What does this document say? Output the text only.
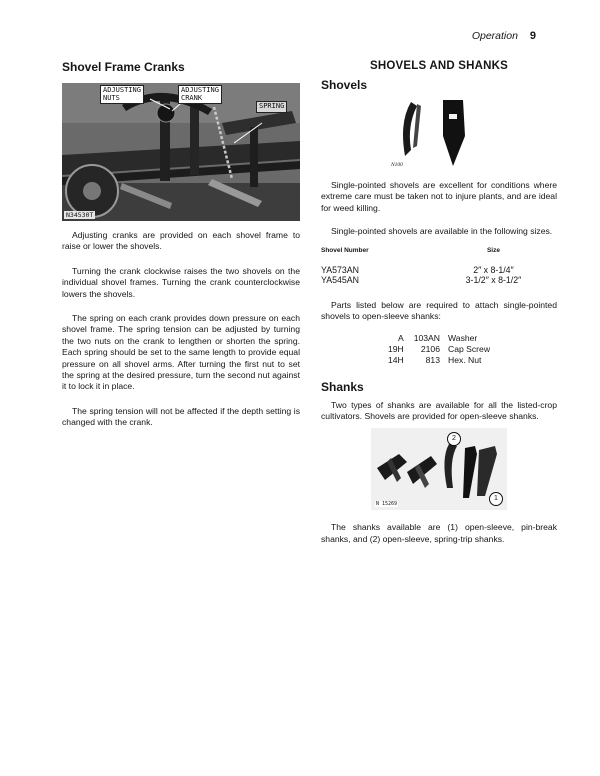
Operation 9
Shovel Frame Cranks
ADJUSTING
NUTS
ADJUSTING
CRANK
SPRING
N34530T

Adjusting cranks are provided on each shovel frame to raise or lower the shovels.

Turning the crank clockwise raises the two shovels on the individual shovel frames. Turning the crank counterclockwise lowers the shovels.

The spring on each crank provides down pressure on each shovel frame. The spring tension can be adjusted by turning the two nuts on the crank to lengthen or shorten the spring. Each spring should be set to the same length to provide equal pressure on all shovel arms. After turning the first nut to set the spring at the desired pressure, turn the second nut against it to lock it in place.

The spring tension will not be affected if the depth setting is changed with the crank.

SHOVELS AND SHANKS
Shovels
N100

Single-pointed shovels are excellent for conditions where extreme care must be taken not to injure plants, and are ideal for weed killing.

Single-pointed shovels are available in the following sizes.

Shovel Number	Size
YA573AN	2″ x 8-1/4″
YA545AN	3-1/2″ x 8-1/2″

Parts listed below are required to attach single-pointed shovels to open-sleeve shanks:

A	103AN	Washer
19H	2106	Cap Screw
14H	813	Hex. Nut
Shanks

Two types of shanks are available for all the listed-crop cultivators. Shovels are provided for open-sleeve shanks.

2
1
N 15269

The shanks available are (1) open-sleeve, pin-break shanks, and (2) open-sleeve, spring-trip shanks.
